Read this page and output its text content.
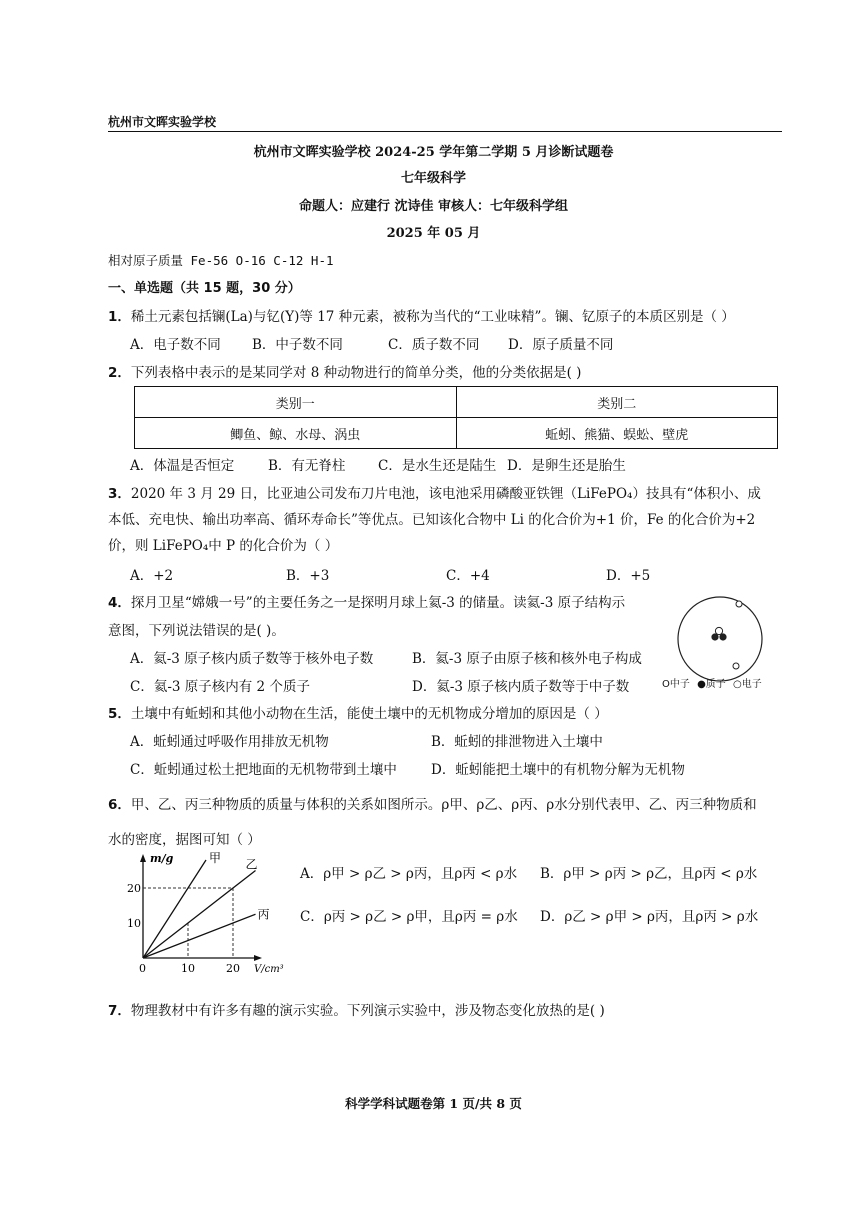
杭州市文晖实验学校
杭州市文晖实验学校 2024-25 学年第二学期 5 月诊断试题卷
七年级科学
命题人：应建行 沈诗佳 审核人：七年级科学组
2025 年 05 月
相对原子质量 Fe-56 O-16 C-12 H-1
一、单选题（共 15 题，30 分）
1．稀土元素包括镧(La)与钇(Y)等 17 种元素，被称为当代的“工业味精”。镧、钇原子的本质区别是（ ）
A．电子数不同 B．中子数不同	C．质子数不同 D．原子质量不同
2．下列表格中表示的是某同学对 8 种动物进行的简单分类，他的分类依据是( )
类别一	类别二
鲫鱼、鲸、水母、涡虫	蚯蚓、熊猫、蜈蚣、壁虎
A．体温是否恒定	B．有无脊柱 C．是水生还是陆生 D．是卵生还是胎生
3．2020 年 3 月 29 日，比亚迪公司发布刀片电池，该电池采用磷酸亚铁锂（LiFePO₄）技具有“体积小、成
本低、充电快、输出功率高、循环寿命长”等优点。已知该化合物中 Li 的化合价为+1 价，Fe 的化合价为+2
价，则 LiFePO₄中 P 的化合价为（ ）
A．+2	B．+3	C．+4	D．+5
4．探月卫星“嫦娥一号”的主要任务之一是探明月球上氦-3 的储量。读氦-3 原子结构示
意图，下列说法错误的是( )。
A．氦-3 原子核内质子数等于核外电子数	B．氦-3 原子由原子核和核外电子构成
C．氦-3 原子核内有 2 个质子	D．氦-3 原子核内质子数等于中子数	O中子 ●质子 ○电子
5．土壤中有蚯蚓和其他小动物在生活，能使土壤中的无机物成分增加的原因是（ ）
A．蚯蚓通过呼吸作用排放无机物	B．蚯蚓的排泄物进入土壤中
C．蚯蚓通过松土把地面的无机物带到土壤中	D．蚯蚓能把土壤中的有机物分解为无机物
6．甲、乙、丙三种物质的质量与体积的关系如图所示。ρ甲、ρ乙、ρ丙、ρ水分别代表甲、乙、丙三种物质和
水的密度，据图可知（ ）
m/g
V/cm³
10
20
0	10	20
甲 乙
丙
A．ρ甲 > ρ乙 > ρ丙，且ρ丙 < ρ水 B．ρ甲 > ρ丙 > ρ乙，且ρ丙 < ρ水
C．ρ丙 > ρ乙 > ρ甲，且ρ丙 = ρ水 D．ρ乙 > ρ甲 > ρ丙，且ρ丙 > ρ水
7．物理教材中有许多有趣的演示实验。下列演示实验中，涉及物态变化放热的是( )
科学学科试题卷第 1 页/共 8 页
